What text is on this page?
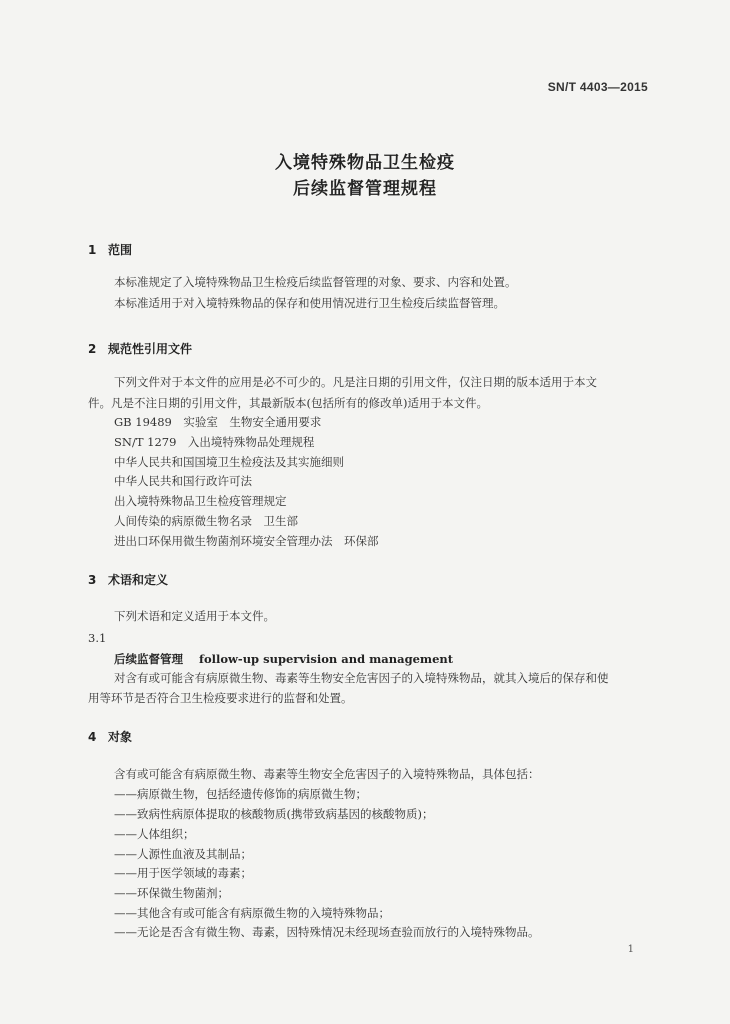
SN/T 4403—2015
入境特殊物品卫生检疫
后续监督管理规程
1 范围
本标准规定了入境特殊物品卫生检疫后续监督管理的对象、要求、内容和处置。
本标准适用于对入境特殊物品的保存和使用情况进行卫生检疫后续监督管理。
2 规范性引用文件
下列文件对于本文件的应用是必不可少的。凡是注日期的引用文件，仅注日期的版本适用于本文
件。凡是不注日期的引用文件，其最新版本(包括所有的修改单)适用于本文件。
GB 19489　实验室　生物安全通用要求
SN/T 1279　入出境特殊物品处理规程
中华人民共和国国境卫生检疫法及其实施细则
中华人民共和国行政许可法
出入境特殊物品卫生检疫管理规定
人间传染的病原微生物名录　卫生部
进出口环保用微生物菌剂环境安全管理办法　环保部
3 术语和定义
下列术语和定义适用于本文件。
3.1
后续监督管理 follow-up supervision and management
对含有或可能含有病原微生物、毒素等生物安全危害因子的入境特殊物品，就其入境后的保存和使
用等环节是否符合卫生检疫要求进行的监督和处置。
4 对象
含有或可能含有病原微生物、毒素等生物安全危害因子的入境特殊物品，具体包括：
——病原微生物，包括经遗传修饰的病原微生物；
——致病性病原体提取的核酸物质(携带致病基因的核酸物质)；
——人体组织；
——人源性血液及其制品；
——用于医学领域的毒素；
——环保微生物菌剂；
——其他含有或可能含有病原微生物的入境特殊物品；
——无论是否含有微生物、毒素，因特殊情况未经现场查验而放行的入境特殊物品。
1
